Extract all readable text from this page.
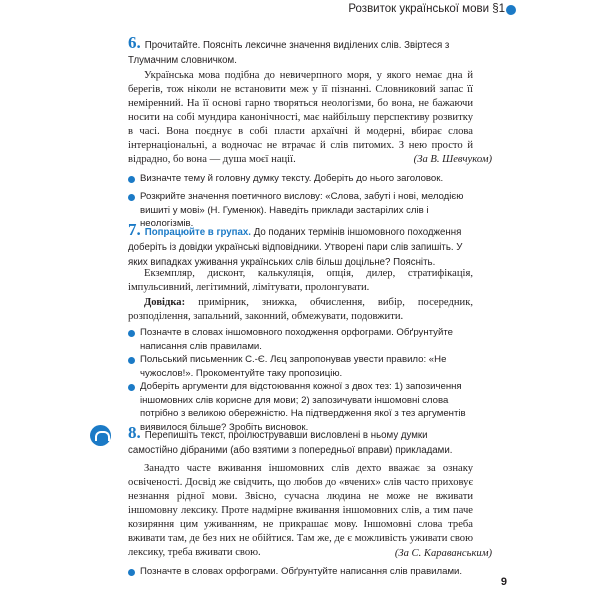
Розвиток української мови §1
6. Прочитайте. Поясніть лексичне значення виділених слів. Звіртеся з Тлумачним словничком.

Українська мова подібна до невичерпного моря, у якого немає дна й берегів, тож ніколи не встановити меж у її пізнанні. Словниковий запас її неміренний. На її основі гарно творяться неологізми, бо вона, не бажаючи носити на собі мундира канонічності, має найбільшу перспективу розвитку в часі. Вона поєднує в собі пласти архаїчні й модерні, вбирає слова інтернаціональні, а водночас не втрачає й слів питомих. З нею просто й відрадно, бо вона — душа моєї нації.	(За В. Шевчуком)
Визначте тему й головну думку тексту. Доберіть до нього заголовок.
Розкрийте значення поетичного вислову: «Слова, забуті і нові, мелодією вишиті у мові» (Н. Гуменюк). Наведіть приклади застарілих слів і неологізмів.
7. Попрацюйте в групах. До поданих термінів іншомовного походження доберіть із довідки українські відповідники. Утворені пари слів запишіть. У яких випадках уживання українських слів більш доцільне? Поясніть.

Екземпляр, дисконт, калькуляція, опція, дилер, стратифікація, імпульсивний, легітимний, лімітувати, пролонгувати.

Довідка: примірник, знижка, обчислення, вибір, посередник, розподілення, запальний, законний, обмежувати, подовжити.

Позначте в словах іншомовного походження орфограми. Обґрунтуйте написання слів правилами.
Польський письменник С.-Є. Лєц запропонував увести правило: «Не чужослов!». Прокоментуйте таку пропозицію.
Доберіть аргументи для відстоювання кожної з двох тез: 1) запозичення іншомовних слів корисне для мови; 2) запозичувати іншомовні слова потрібно з великою обережністю. На підтвердження якої з тез аргументів виявилося більше? Зробіть висновок.
8. Перепишіть текст, проілюструвавши висловлені в ньому думки самостійно дібраними (або взятими з попередньої вправи) прикладами.

Занадто часте вживання іншомовних слів дехто вважає за ознаку освіченості. Досвід же свідчить, що любов до «вчених» слів часто приховує незнання рідної мови. Звісно, сучасна людина не може не вживати іншомовну лексику. Проте надмірне вживання іншомовних слів, а тим паче козиряння цим уживанням, не прикрашає мову. Іншомовні слова треба вживати там, де без них не обійтися. Там же, де є можливість уживати свою лексику, треба вживати свою.	(За С. Караванським)
Позначте в словах орфограми. Обґрунтуйте написання слів правилами.
9
